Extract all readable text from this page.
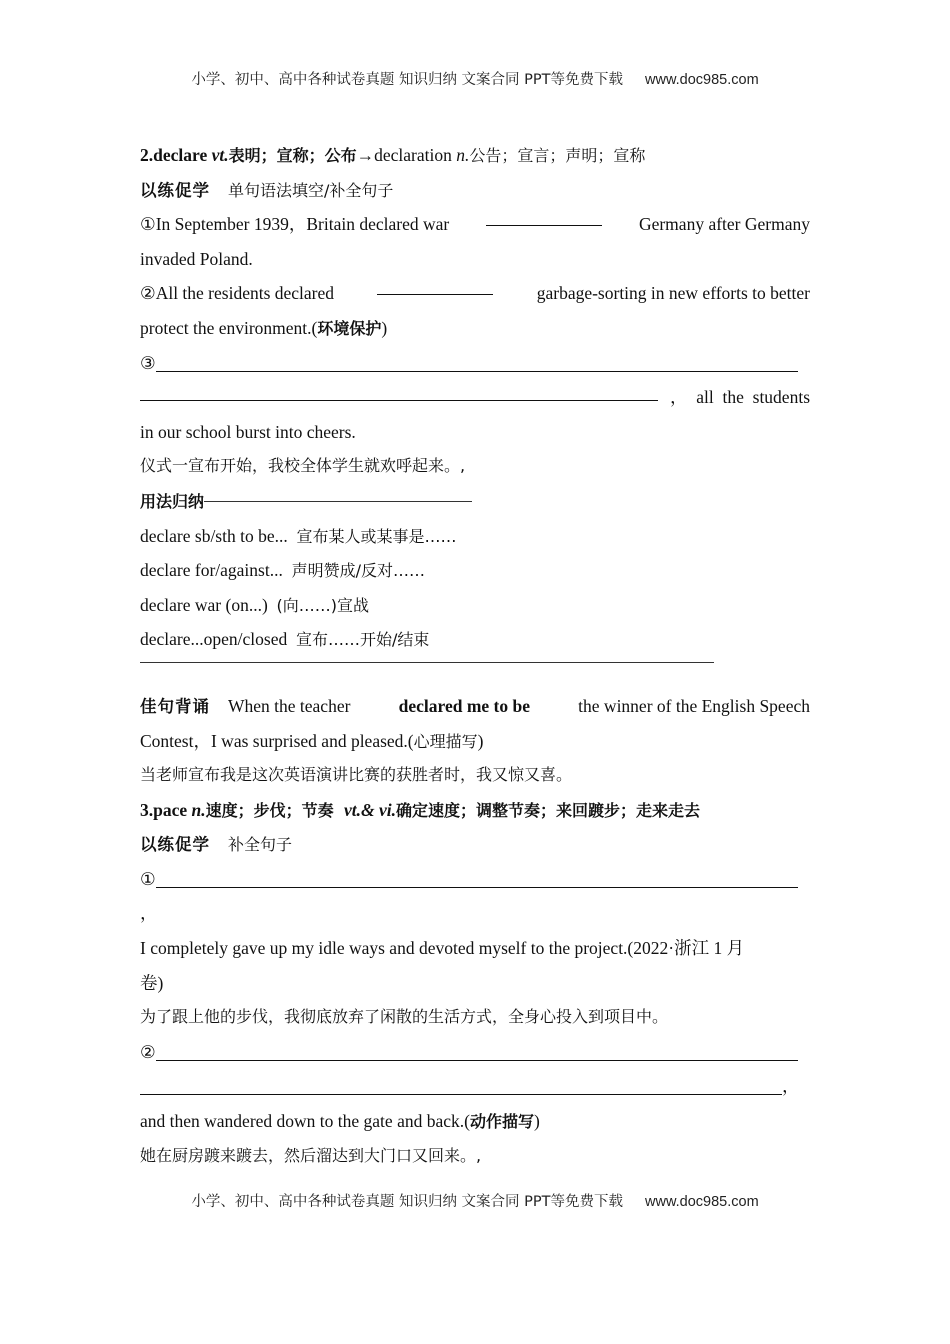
小学、初中、高中各种试卷真题 知识归纳 文案合同 PPT等免费下载 www.doc985.com
2.declare vt.表明；宣称；公布→declaration n.公告；宣言；声明；宣称
以练促学 单句语法填空/补全句子
①In September 1939，Britain declared war	Germany after Germany
invaded Poland.
②All the residents declared	garbage-sorting in new efforts to better
protect the environment.(环境保护)
③
，  all  the  students
in our school burst into cheers.
仪式一宣布开始，我校全体学生就欢呼起来。,
用法归纳
declare sb/sth to be... 宣布某人或某事是……
declare for/against... 声明赞成/反对……
declare war (on...) (向……)宣战
declare...open/closed 宣布……开始/结束
佳句背诵 When the teacher	declared me to be	the winner of the English Speech
Contest，I was surprised and pleased.(心理描写)
当老师宣布我是这次英语演讲比赛的获胜者时，我又惊又喜。
3.pace n.速度；步伐；节奏 vt.& vi.确定速度；调整节奏；来回踱步；走来走去
以练促学 补全句子
①
，
I completely gave up my idle ways and devoted myself to the project.(2022·浙江 1 月
卷)
为了跟上他的步伐，我彻底放弃了闲散的生活方式，全身心投入到项目中。
②
，
and then wandered down to the gate and back.(动作描写)
她在厨房踱来踱去，然后溜达到大门口又回来。,
小学、初中、高中各种试卷真题 知识归纳 文案合同 PPT等免费下载 www.doc985.com
